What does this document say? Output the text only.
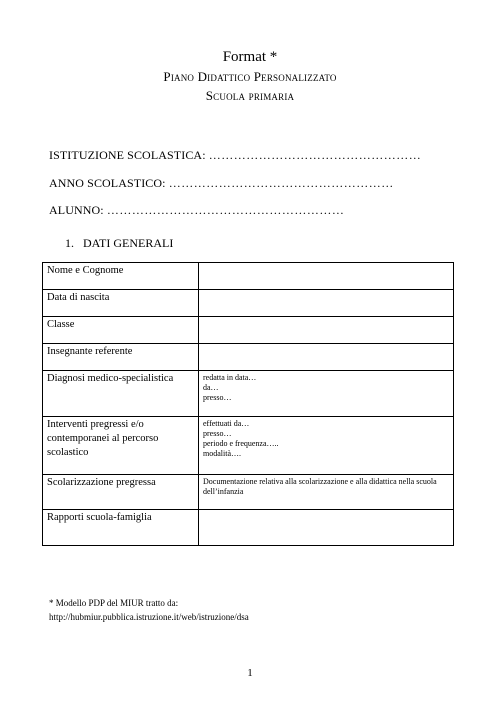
Format *
Piano Didattico Personalizzato
Scuola primaria
ISTITUZIONE SCOLASTICA: ……………………………………………
ANNO SCOLASTICO: ………………………………………………
ALUNNO: …………………………………………………
1. DATI GENERALI
Nome e Cognome	
Data di nascita	
Classe	
Insegnante referente	
Diagnosi medico-specialistica	redatta in data…
da…
presso…

Interventi pregressi e/o contemporanei al percorso scolastico	effettuati da…
presso…
periodo e frequenza…..
modalità….

Scolarizzazione pregressa	Documentazione relativa alla scolarizzazione e alla didattica nella scuola dell’infanzia

Rapporti scuola-famiglia	
* Modello PDP del MIUR tratto da:
http://hubmiur.pubblica.istruzione.it/web/istruzione/dsa
1
